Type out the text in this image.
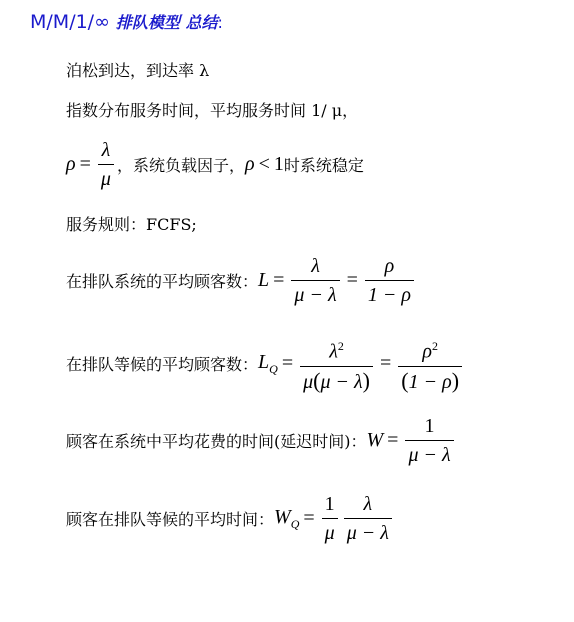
M/M/1/∞ 排队模型 总结:
泊松到达，到达率 λ
指数分布服务时间，平均服务时间 1/ μ，
$\rho = \frac{\lambda}{\mu}$ ，系统负载因子， ρ < 1 时系统稳定
服务规则：FCFS;
在排队系统的平均顾客数： $L = \frac{\lambda}{\mu - \lambda} = \frac{\rho}{1 - \rho}$
在排队等候的平均顾客数： $L_Q = \frac{\lambda^2}{\mu(\mu - \lambda)} = \frac{\rho^2}{(1 - \rho)}$
顾客在系统中平均花费的时间(延迟时间)： $W = \frac{1}{\mu - \lambda}$
顾客在排队等候的平均时间： $W_Q = \frac{1}{\mu} \frac{\lambda}{\mu - \lambda}$
